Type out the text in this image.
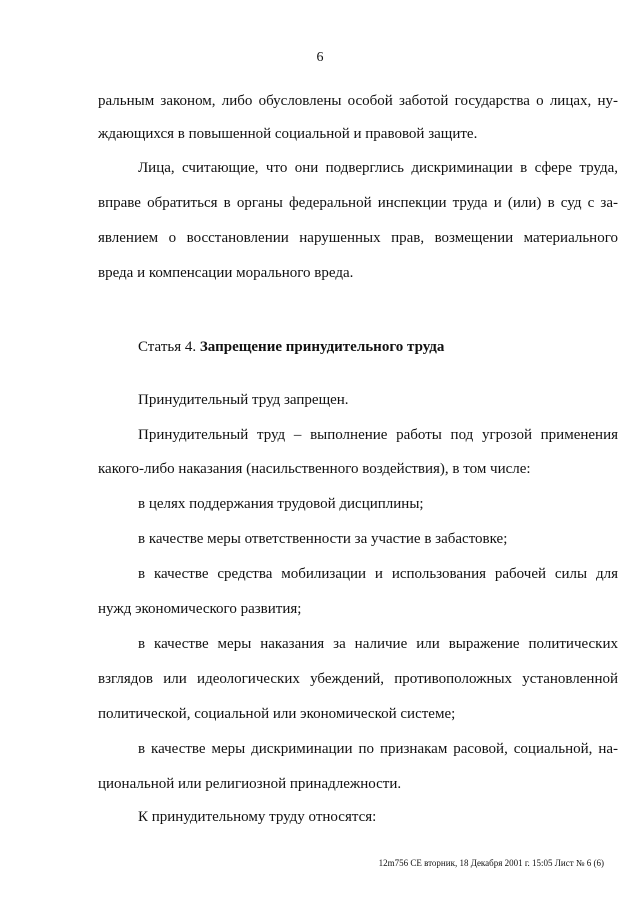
6
ральным законом, либо обусловлены особой заботой государства о лицах, ну-
ждающихся в повышенной социальной и правовой защите.
Лица, считающие, что они подверглись дискриминации в сфере труда,
вправе обратиться в органы федеральной инспекции труда и (или) в суд с за-
явлением о восстановлении нарушенных прав, возмещении материального
вреда и компенсации морального вреда.
Статья 4. Запрещение принудительного труда
Принудительный труд запрещен.
Принудительный труд – выполнение работы под угрозой применения
какого-либо наказания (насильственного воздействия), в том числе:
в целях поддержания трудовой дисциплины;
в качестве меры ответственности за участие в забастовке;
в качестве средства мобилизации и использования рабочей силы для
нужд экономического развития;
в качестве меры наказания за наличие или выражение политических
взглядов или идеологических убеждений, противоположных установленной
политической, социальной или экономической системе;
в качестве меры дискриминации по признакам расовой, социальной, на-
циональной или религиозной принадлежности.
К принудительному труду относятся:
12m756 СЕ вторник, 18 Декабря 2001 г. 15:05 Лист № 6 (6)
